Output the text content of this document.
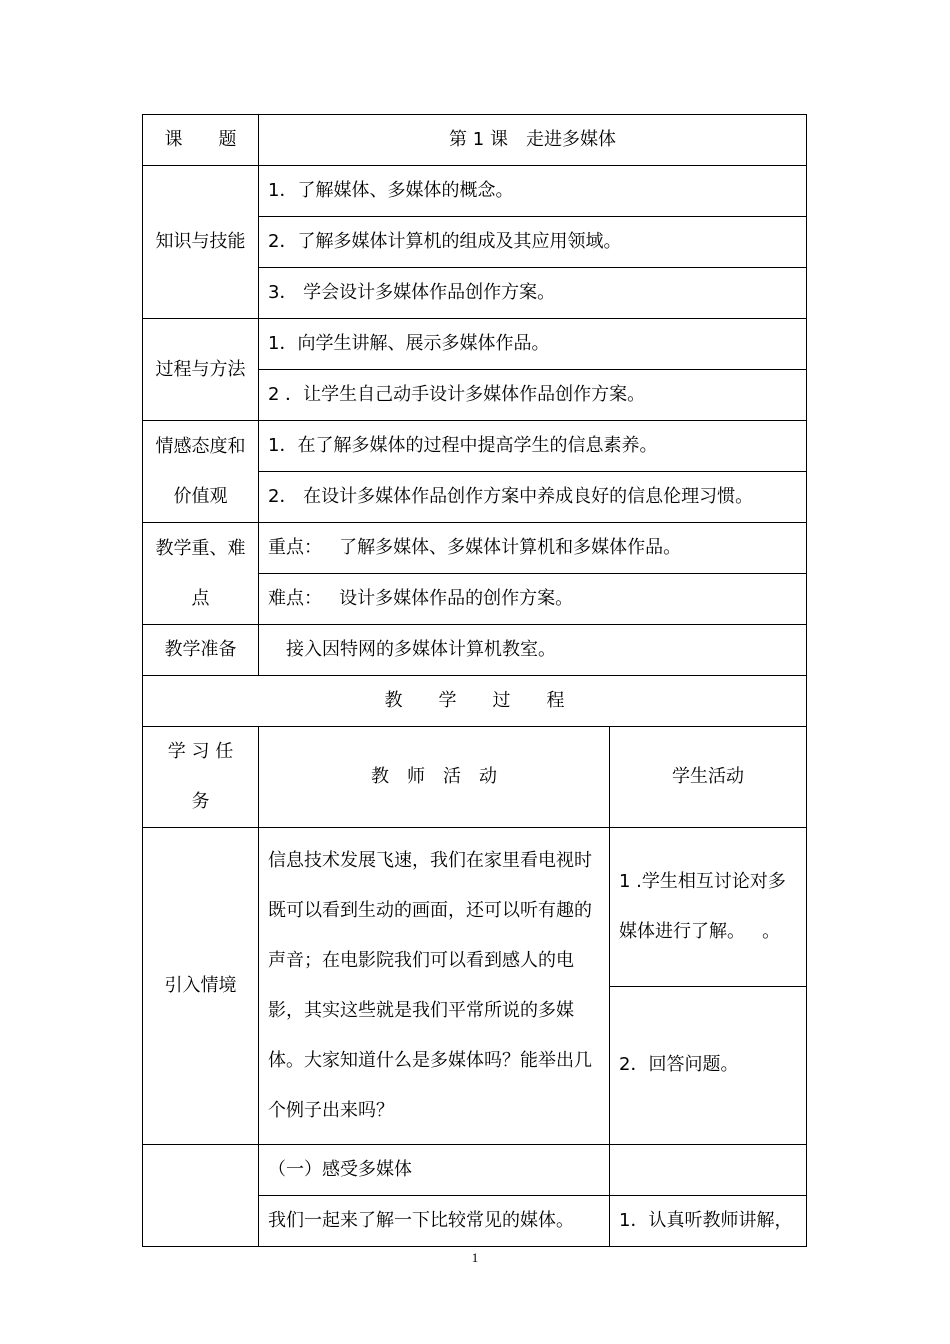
课　　题	第 1 课　走进多媒体	
知识与技能	1．了解媒体、多媒体的概念。	
	2．了解多媒体计算机的组成及其应用领域。	
	3． 学会设计多媒体作品创作方案。	
过程与方法	1．向学生讲解、展示多媒体作品。	
	2 ．让学生自己动手设计多媒体作品创作方案。	

情感态度和
价值观	1．在了解多媒体的过程中提高学生的信息素养。	
	2． 在设计多媒体作品创作方案中养成良好的信息伦理习惯。	

教学重、难
点	重点：   了解多媒体、多媒体计算机和多媒体作品。	
	难点：   设计多媒体作品的创作方案。	
教学准备	接入因特网的多媒体计算机教室。	
教　　学　　过　　程		

学 习 任
务	教　师　活　动	学生活动
引入情境	信息技术发展飞速，我们在家里看电视时既可以看到生动的画面，还可以听有趣的声音；在电影院我们可以看到感人的电影，其实这些就是我们平常所说的多媒体。大家知道什么是多媒体吗？能举出几个例子出来吗？	1 .学生相互讨论对多媒体进行了解。   。
		2．回答问题。
	（一）感受多媒体	
	我们一起来了解一下比较常见的媒体。	1．认真听教师讲解，
1
